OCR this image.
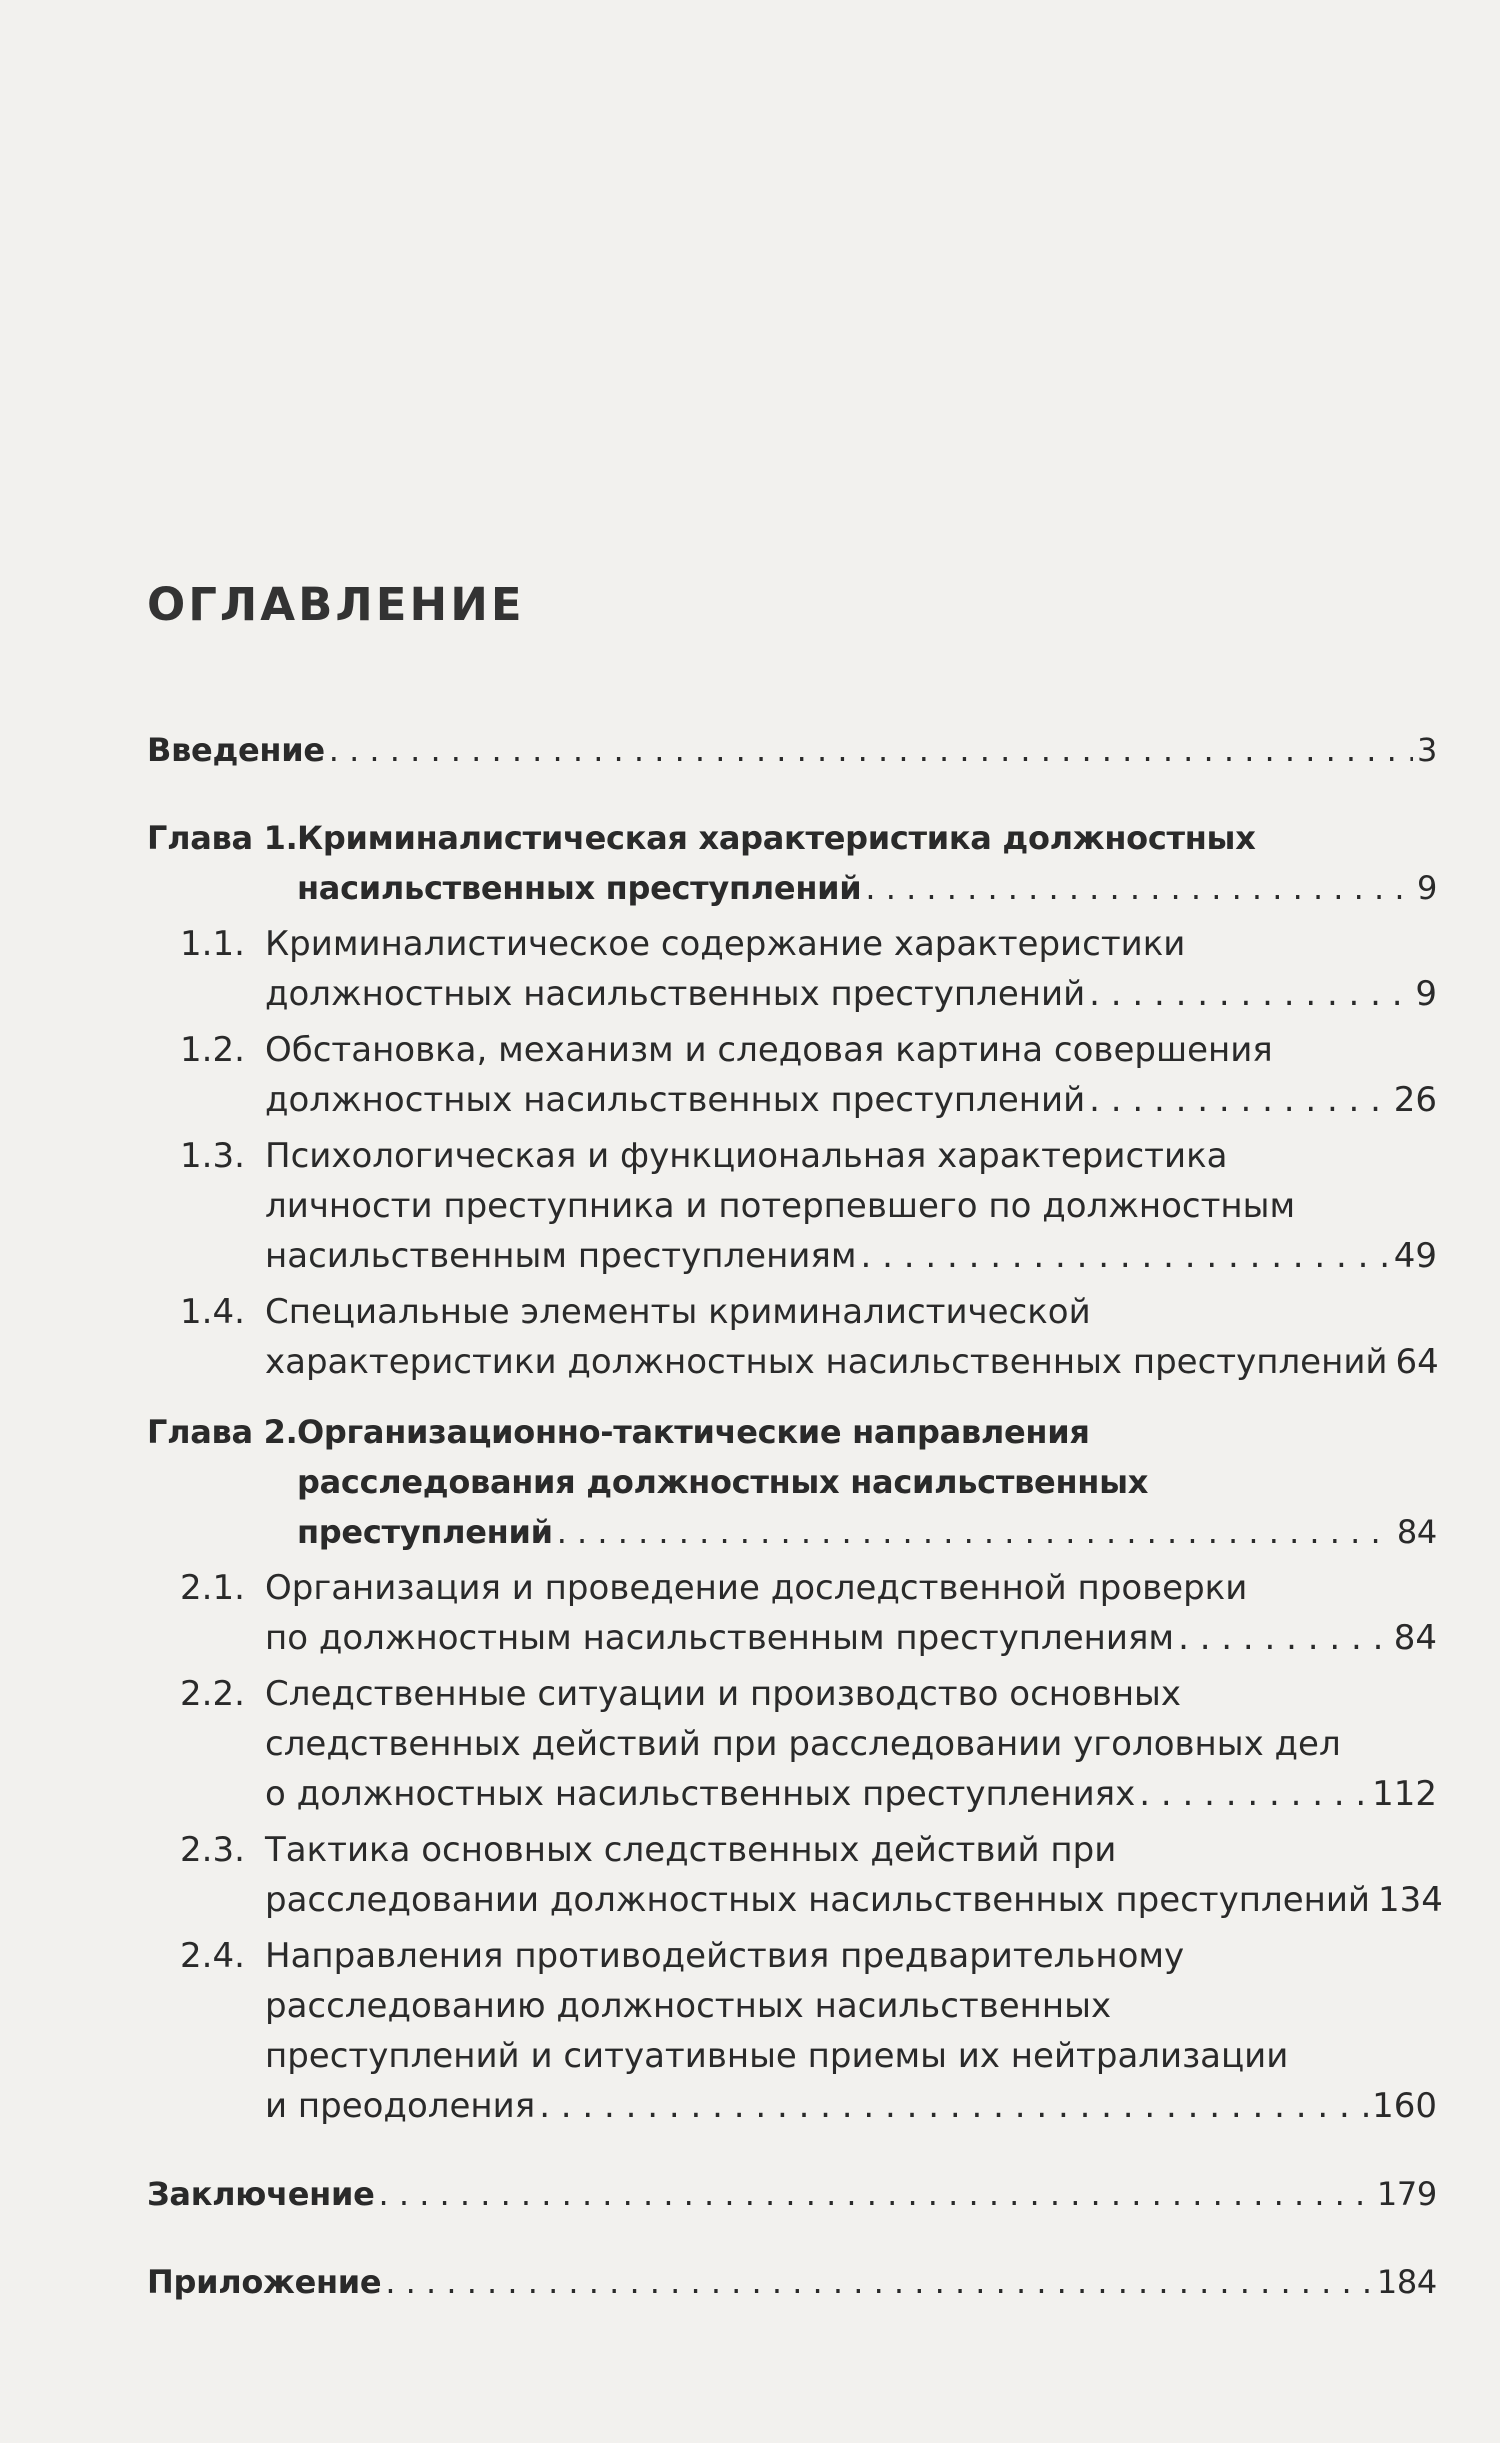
ОГЛАВЛЕНИЕ
Введение . . .	3
Глава 1. Криминалистическая характеристика должностных
насильственных преступлений . . .	9
1.1. Криминалистическое содержание характеристики
должностных насильственных преступлений . . .	9
1.2. Обстановка, механизм и следовая картина совершения
должностных насильственных преступлений . . .	26
1.3. Психологическая и функциональная характеристика
личности преступника и потерпевшего по должностным
насильственным преступлениям . . .	49
1.4. Специальные элементы криминалистической
характеристики должностных насильственных преступлений 64
Глава 2. Организационно-тактические направления
расследования должностных насильственных
преступлений . . .	84
2.1. Организация и проведение доследственной проверки
по должностным насильственным преступлениям . . .	84
2.2. Следственные ситуации и производство основных
следственных действий при расследовании уголовных дел
о должностных насильственных преступлениях . . .	112
2.3. Тактика основных следственных действий при
расследовании должностных насильственных преступлений 134
2.4. Направления противодействия предварительному
расследованию должностных насильственных
преступлений и ситуативные приемы их нейтрализации
и преодоления . . .	160
Заключение . . .	179
Приложение . . .	184
